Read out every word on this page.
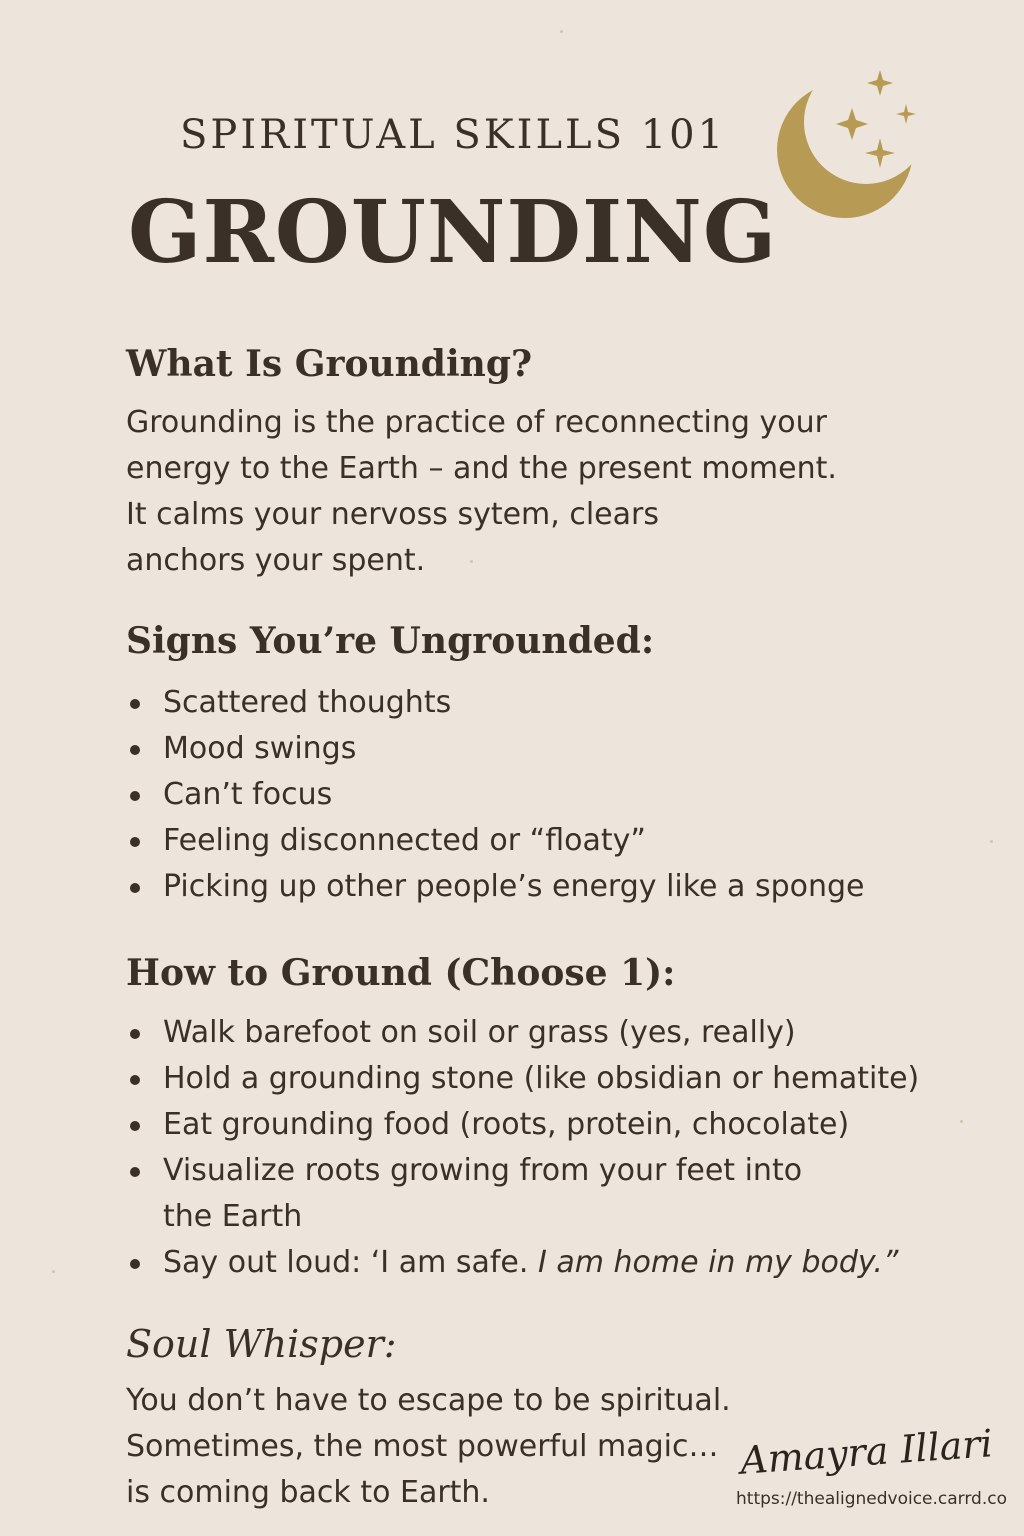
SPIRITUAL SKILLS 101
GROUNDING
What Is Grounding?
Grounding is the practice of reconnecting your
energy to the Earth – and the present moment.
It calms your nervoss sytem, clears
anchors your spent.
Signs You’re Ungrounded:
Scattered thoughts
Mood swings
Can’t focus
Feeling disconnected or “floaty”
Picking up other people’s energy like a sponge
How to Ground (Choose 1):
Walk barefoot on soil or grass (yes, really)
Hold a grounding stone (like obsidian or hematite)
Eat grounding food (roots, protein, chocolate)
Visualize roots growing from your feet into
the Earth
Say out loud: ‘I am safe. I am home in my body.”
Soul Whisper:
You don’t have to escape to be spiritual.
Sometimes, the most powerful magic…
is coming back to Earth.
Amayra Illari
https://thealignedvoice.carrd.co
